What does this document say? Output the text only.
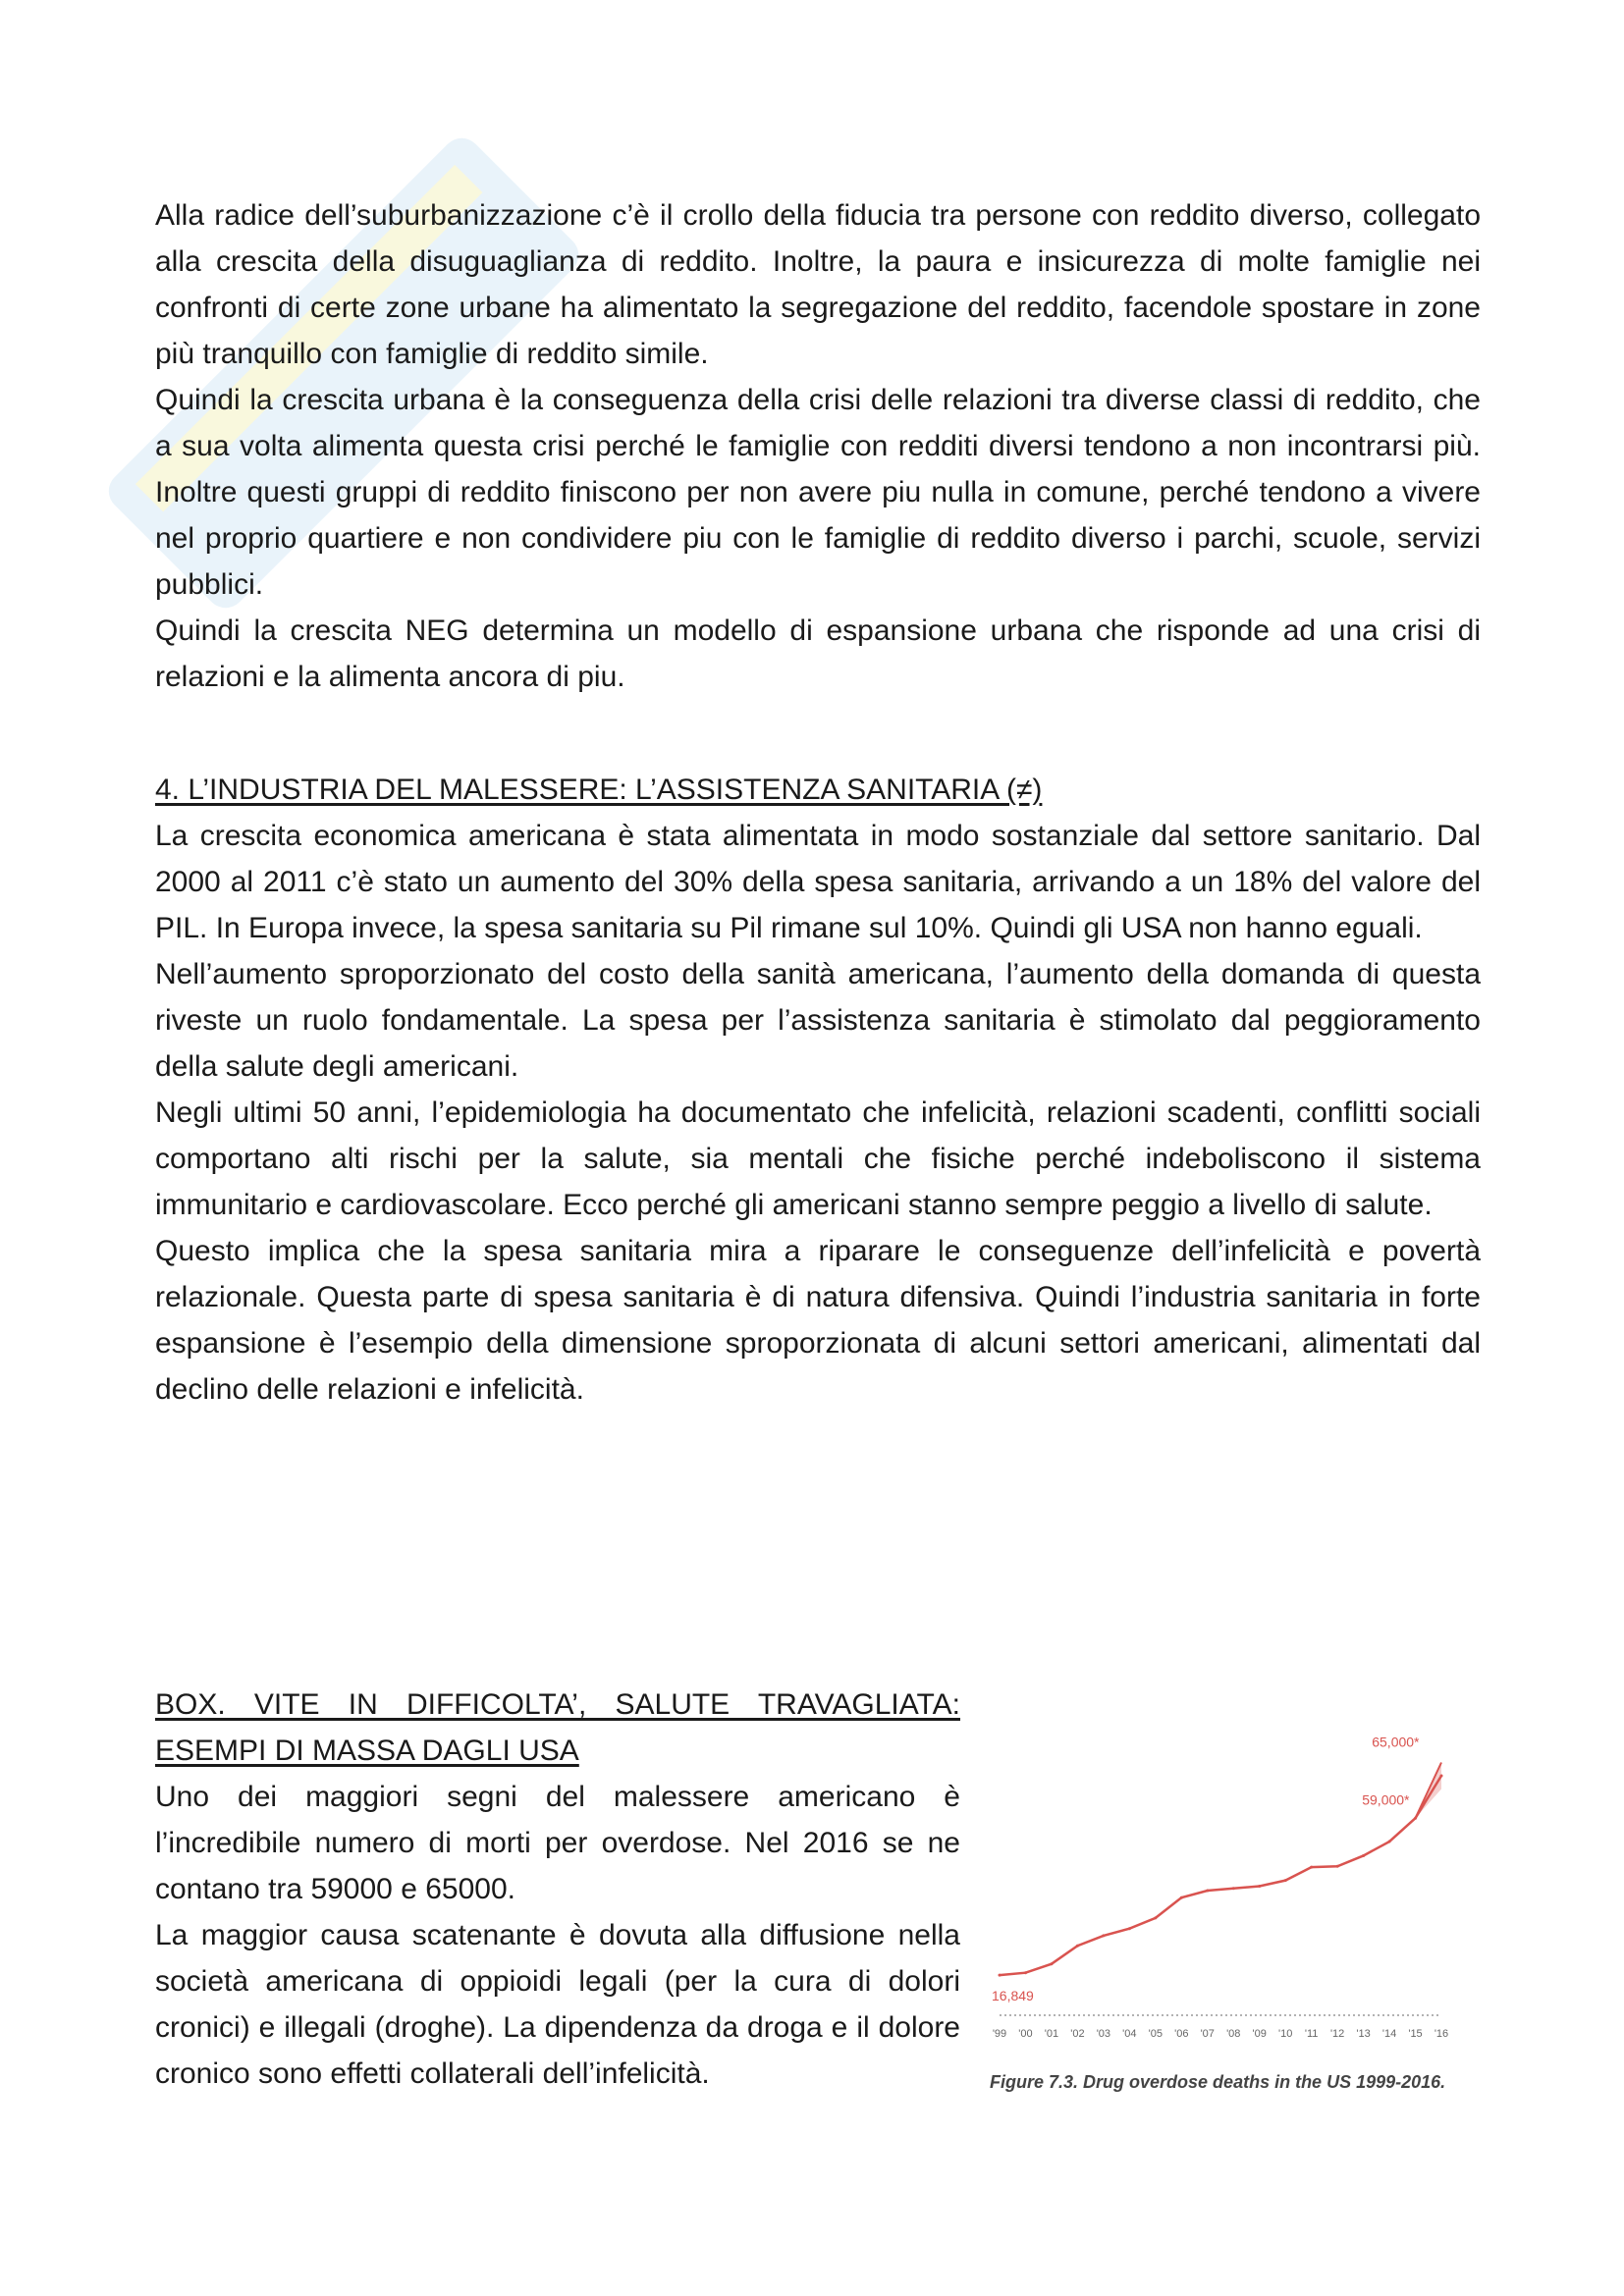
Alla radice dell’suburbanizzazione c’è il crollo della fiducia tra persone con reddito diverso, collegato alla crescita della disuguaglianza di reddito. Inoltre, la paura e insicurezza di molte famiglie nei confronti di certe zone urbane ha alimentato la segregazione del reddito, facendole spostare in zone più tranquillo con famiglie di reddito simile.

Quindi la crescita urbana è la conseguenza della crisi delle relazioni tra diverse classi di reddito, che a sua volta alimenta questa crisi perché le famiglie con redditi diversi tendono a non incontrarsi più. Inoltre questi gruppi di reddito finiscono per non avere piu nulla in comune, perché tendono a vivere nel proprio quartiere e non condividere piu con le famiglie di reddito diverso i parchi, scuole, servizi pubblici.

Quindi la crescita NEG determina un modello di espansione urbana che risponde ad una crisi di relazioni e la alimenta ancora di piu.

4. L’INDUSTRIA DEL MALESSERE: L’ASSISTENZA SANITARIA (≠)

La crescita economica americana è stata alimentata in modo sostanziale dal settore sanitario. Dal 2000 al 2011 c’è stato un aumento del 30% della spesa sanitaria, arrivando a un 18% del valore del PIL. In Europa invece, la spesa sanitaria su Pil rimane sul 10%. Quindi gli USA non hanno eguali.

Nell’aumento sproporzionato del costo della sanità americana, l’aumento della domanda di questa riveste un ruolo fondamentale. La spesa per l’assistenza sanitaria è stimolato dal peggioramento della salute degli americani.

Negli ultimi 50 anni, l’epidemiologia ha documentato che infelicità, relazioni scadenti, conflitti sociali comportano alti rischi per la salute, sia mentali che fisiche perché indeboliscono il sistema immunitario e cardiovascolare. Ecco perché gli americani stanno sempre peggio a livello di salute.

Questo implica che la spesa sanitaria mira a riparare le conseguenze dell’infelicità e povertà relazionale. Questa parte di spesa sanitaria è di natura difensiva. Quindi l’industria sanitaria in forte espansione è l’esempio della dimensione sproporzionata di alcuni settori americani, alimentati dal declino delle relazioni e infelicità.

BOX. VITE IN DIFFICOLTA’, SALUTE TRAVAGLIATA: ESEMPI DI MASSA DAGLI USA

Uno dei maggiori segni del malessere americano è l’incredibile numero di morti per overdose. Nel 2016 se ne contano tra 59000 e 65000.

La maggior causa scatenante è dovuta alla diffusione nella società americana di oppioidi legali (per la cura di dolori cronici) e illegali (droghe). La dipendenza da droga e il dolore cronico sono effetti collaterali dell’infelicità.

'99 '00 '01 '02 '03 '04 '05 '06 '07 '08 '09 '10 '11 '12 '13 '14 '15 '16
16,849
59,000*
65,000*
Figure 7.3. Drug overdose deaths in the US 1999-2016.
